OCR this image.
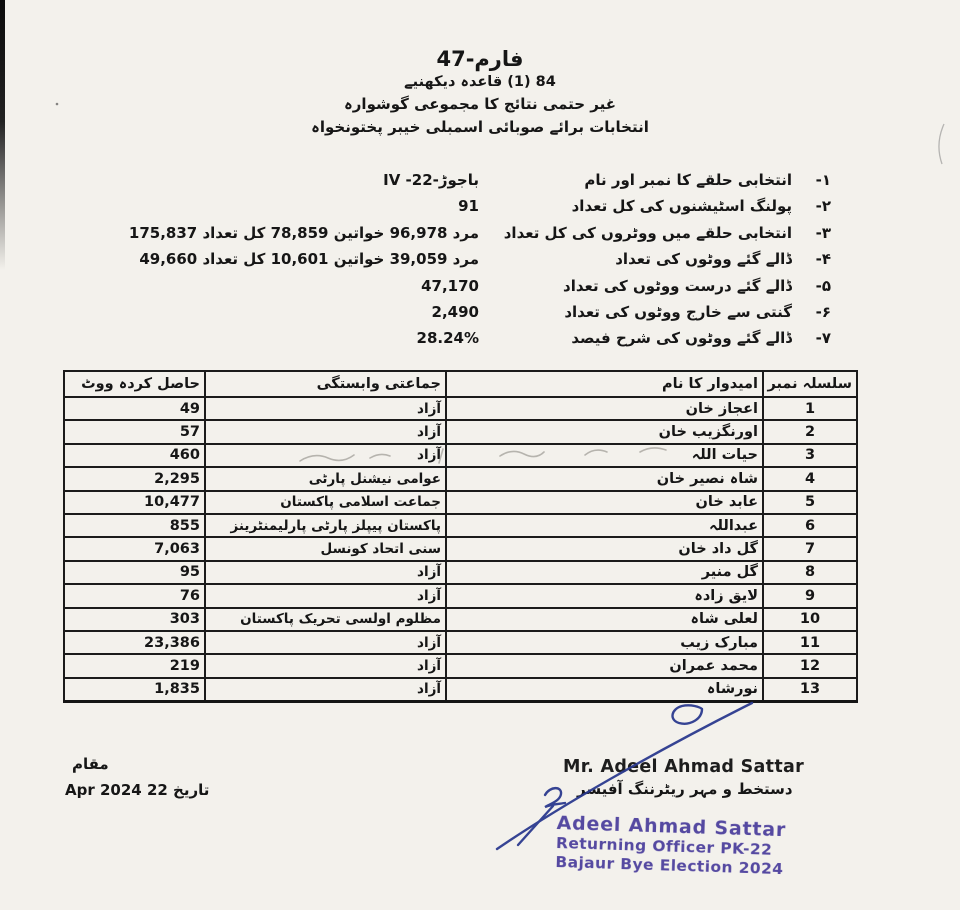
فارم-47
دیکھنیے‎ قاعدہ‎ (1) 84
غیر حتمی نتائج کا مجموعی گوشوارہ
انتخابات برائے صوبائی اسمبلی خیبر پختونخواہ
۱-
انتخابی حلقے کا نمبر اور نام
باجوڑ-22- IV
۲-
پولنگ اسٹیشنوں کی کل تعداد
91
۳-
انتخابی حلقے میں ووٹروں کی کل تعداد
مرد 96,978 خواتین 78,859 کل تعداد 175,837
۴-
ڈالے گئے ووٹوں کی تعداد
مرد 39,059 خواتین 10,601 کل تعداد 49,660
۵-
ڈالے گئے درست ووٹوں کی تعداد
47,170
۶-
گنتی سے خارج ووٹوں کی تعداد
2,490
۷-
ڈالے گئے ووٹوں کی شرح فیصد
28.24%
سلسلہ نمبر	امیدوار کا نام	جماعتی وابستگی	حاصل کردہ ووٹ
1	اعجاز خان	آزاد	49
2	اورنگزیب خان	آزاد	57
3	حیات اللہ	آزاد	460
4	شاہ نصیر خان	عوامی نیشنل پارٹی	2,295
5	عابد خان	جماعت اسلامی پاکستان	10,477
6	عبداللہ	پاکستان پیپلز پارٹی پارلیمنٹرینز	855
7	گل داد خان	سنی اتحاد کونسل	7,063
8	گل منیر	آزاد	95
9	لایق زادہ	آزاد	76
10	لعلی شاہ	مظلوم اولسی تحریک پاکستان	303
11	مبارک زیب	آزاد	23,386
12	محمد عمران	آزاد	219
13	نورشاہ	آزاد	1,835
مقام
تاریخ 22 Apr 2024
Mr. Adeel Ahmad Sattar
دستخط و مہر ریٹرننگ آفیسر
Adeel Ahmad Sattar
Returning Officer PK-22
Bajaur Bye Election 2024
